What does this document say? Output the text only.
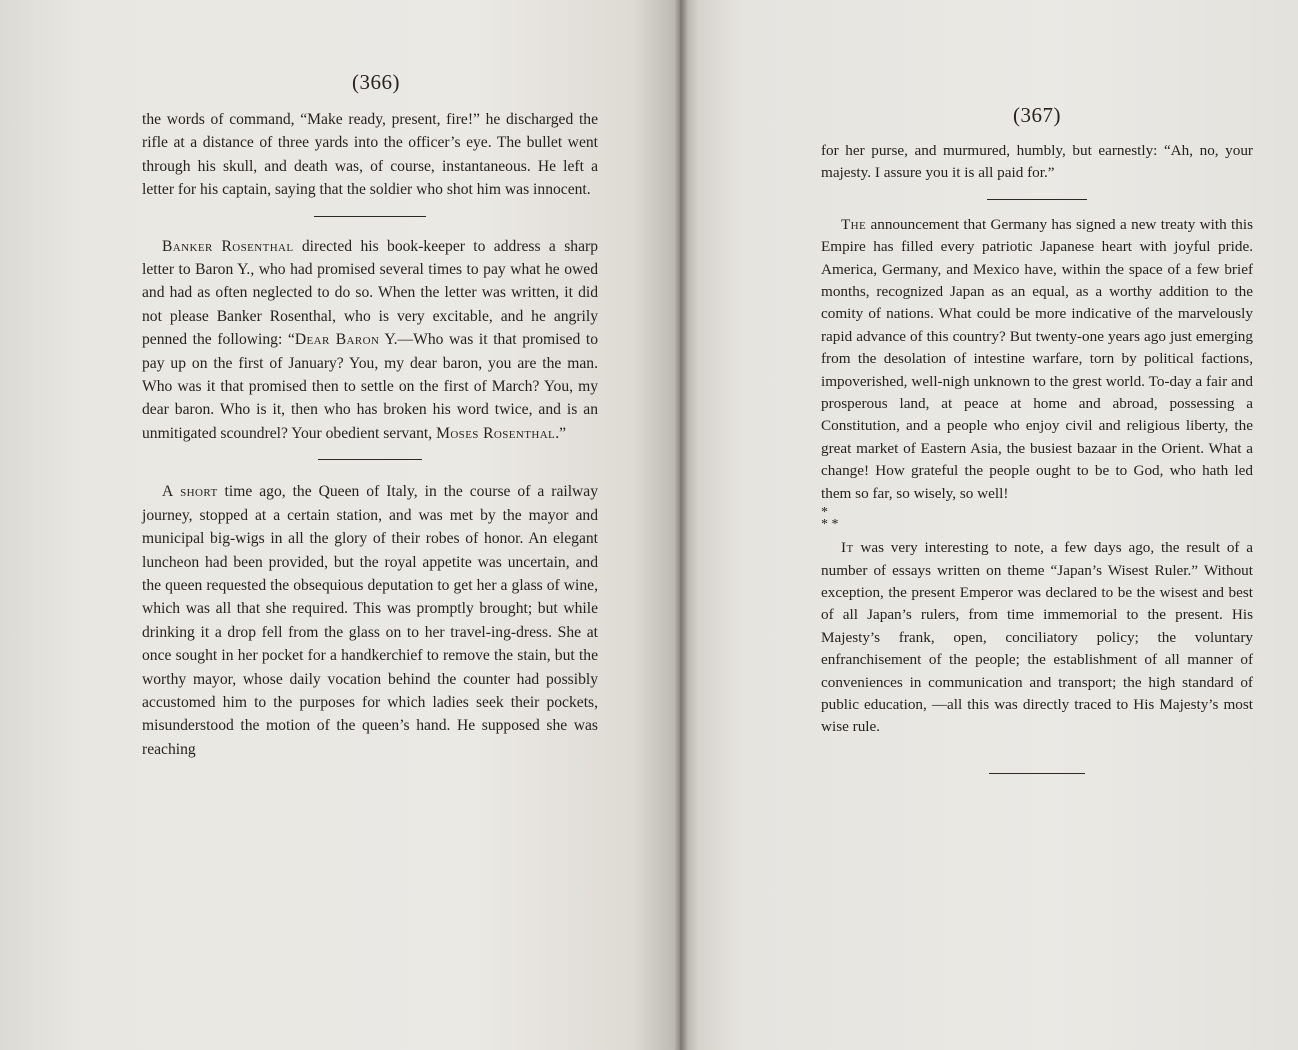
(366)

the words of command, “Make ready, present, fire!” he discharged the rifle at a distance of three yards into the officer’s eye. The bullet went through his skull, and death was, of course, instantaneous. He left a letter for his captain, saying that the soldier who shot him was innocent.

Banker Rosenthal directed his book-keeper to address a sharp letter to Baron Y., who had promised several times to pay what he owed and had as often neglected to do so. When the letter was written, it did not please Banker Rosenthal, who is very excitable, and he angrily penned the following: “Dear Baron Y.—Who was it that promised to pay up on the first of January? You, my dear baron, you are the man. Who was it that promised then to settle on the first of March? You, my dear baron. Who is it, then who has broken his word twice, and is an unmitigated scoundrel? Your obedient servant, Moses Rosenthal.”

A short time ago, the Queen of Italy, in the course of a railway journey, stopped at a certain station, and was met by the mayor and municipal big-wigs in all the glory of their robes of honor. An elegant luncheon had been provided, but the royal appetite was uncertain, and the queen requested the obsequious deputation to get her a glass of wine, which was all that she required. This was promptly brought; but while drinking it a drop fell from the glass on to her travel-ing-dress. She at once sought in her pocket for a handkerchief to remove the stain, but the worthy mayor, whose daily vocation behind the counter had possibly accustomed him to the purposes for which ladies seek their pockets, misunderstood the motion of the queen’s hand. He supposed she was reaching

(367)

for her purse, and murmured, humbly, but earnestly: “Ah, no, your majesty. I assure you it is all paid for.”

The announcement that Germany has signed a new treaty with this Empire has filled every patriotic Japanese heart with joyful pride. America, Germany, and Mexico have, within the space of a few brief months, recognized Japan as an equal, as a worthy addition to the comity of nations. What could be more indicative of the marvelously rapid advance of this country? But twenty-one years ago just emerging from the desolation of intestine warfare, torn by political factions, impoverished, well-nigh unknown to the grest world. To-day a fair and prosperous land, at peace at home and abroad, possessing a Constitution, and a people who enjoy civil and religious liberty, the great market of Eastern Asia, the busiest bazaar in the Orient. What a change! How grateful the people ought to be to God, who hath led them so far, so wisely, so well!

*
* *

It was very interesting to note, a few days ago, the result of a number of essays written on theme “Japan’s Wisest Ruler.” Without exception, the present Emperor was declared to be the wisest and best of all Japan’s rulers, from time immemorial to the present. His Majesty’s frank, open, conciliatory policy; the voluntary enfranchisement of the people; the establishment of all manner of conveniences in communication and transport; the high standard of public education, —all this was directly traced to His Majesty’s most wise rule.
